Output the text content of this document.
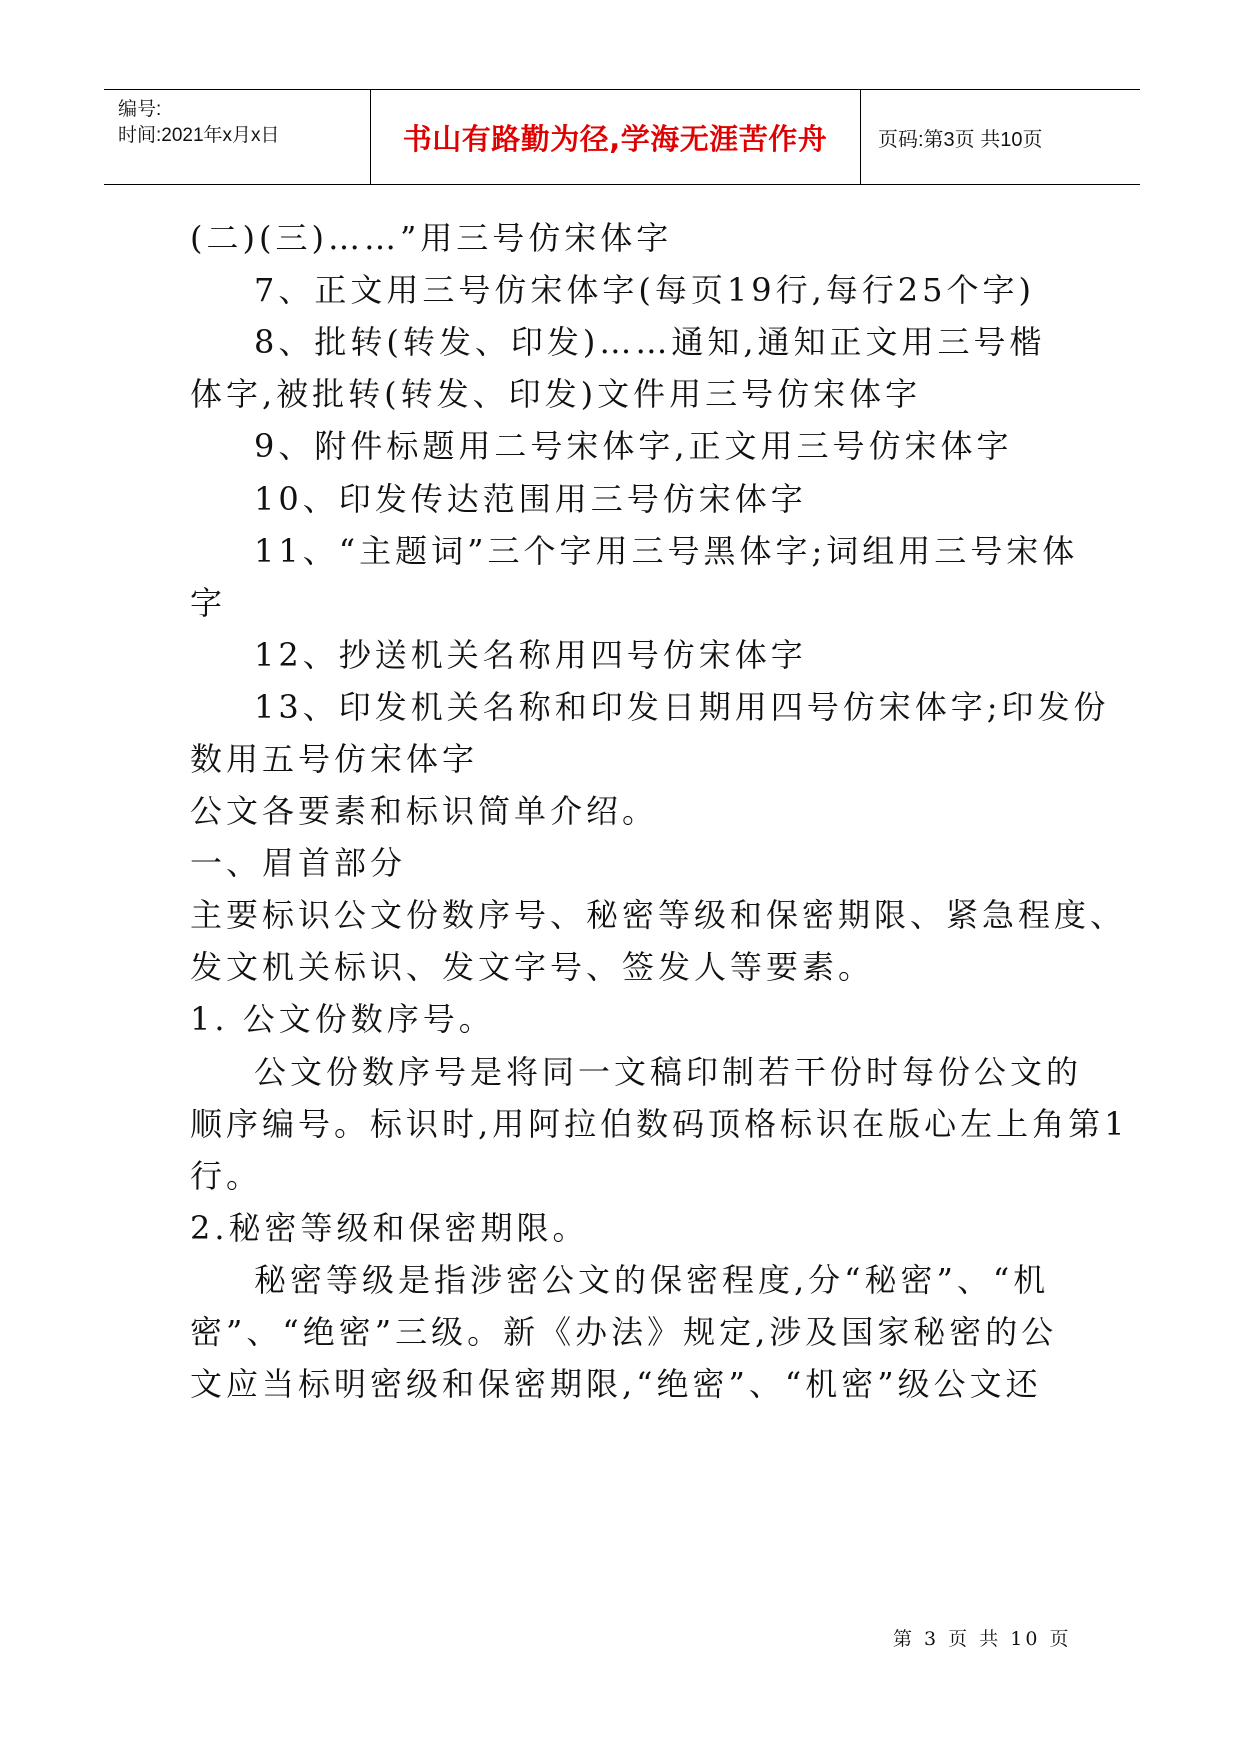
编号:
时间:2021年x月x日	书山有路勤为径,学海无涯苦作舟	页码:第3页 共10页
(二)(三)……”用三号仿宋体字
7、正文用三号仿宋体字(每页19行,每行25个字)
8、批转(转发、印发)……通知,通知正文用三号楷
体字,被批转(转发、印发)文件用三号仿宋体字
9、附件标题用二号宋体字,正文用三号仿宋体字
10、印发传达范围用三号仿宋体字
11、“主题词”三个字用三号黑体字;词组用三号宋体
字
12、抄送机关名称用四号仿宋体字
13、印发机关名称和印发日期用四号仿宋体字;印发份
数用五号仿宋体字
公文各要素和标识简单介绍。
一、眉首部分
主要标识公文份数序号、秘密等级和保密期限、紧急程度、
发文机关标识、发文字号、签发人等要素。
1. 公文份数序号。
公文份数序号是将同一文稿印制若干份时每份公文的
顺序编号。标识时,用阿拉伯数码顶格标识在版心左上角第1
行。
2.秘密等级和保密期限。
秘密等级是指涉密公文的保密程度,分“秘密”、“机
密”、“绝密”三级。新《办法》规定,涉及国家秘密的公
文应当标明密级和保密期限,“绝密”、“机密”级公文还
第 3 页 共 10 页
